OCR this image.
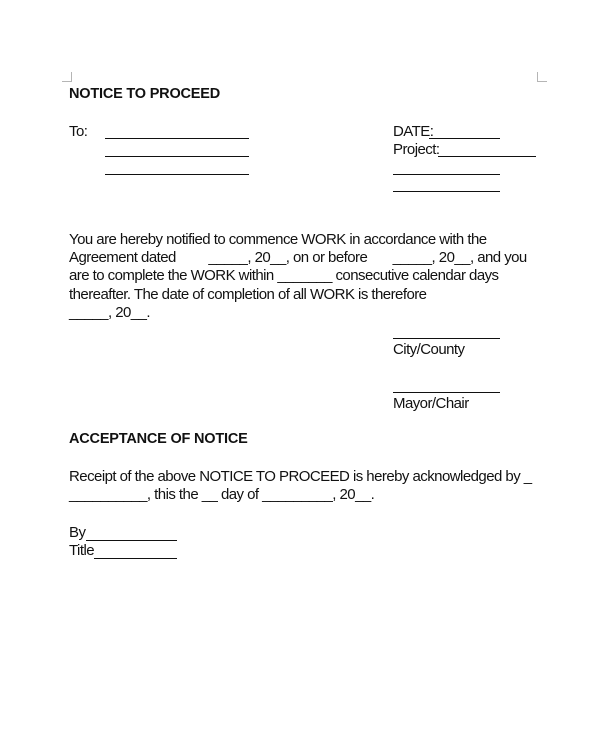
NOTICE TO PROCEED
To:	DATE:
Project:
You are hereby notified to commence WORK in accordance with the
Agreement dated         _____, 20__, on or before       _____, 20__, and you
are to complete the WORK within _______ consecutive calendar days
thereafter. The date of completion of all WORK is therefore
_____, 20__.
City/County
Mayor/Chair
ACCEPTANCE OF NOTICE
Receipt of the above NOTICE TO PROCEED is hereby acknowledged by _
__________, this the __ day of _________, 20__.
By
Title
